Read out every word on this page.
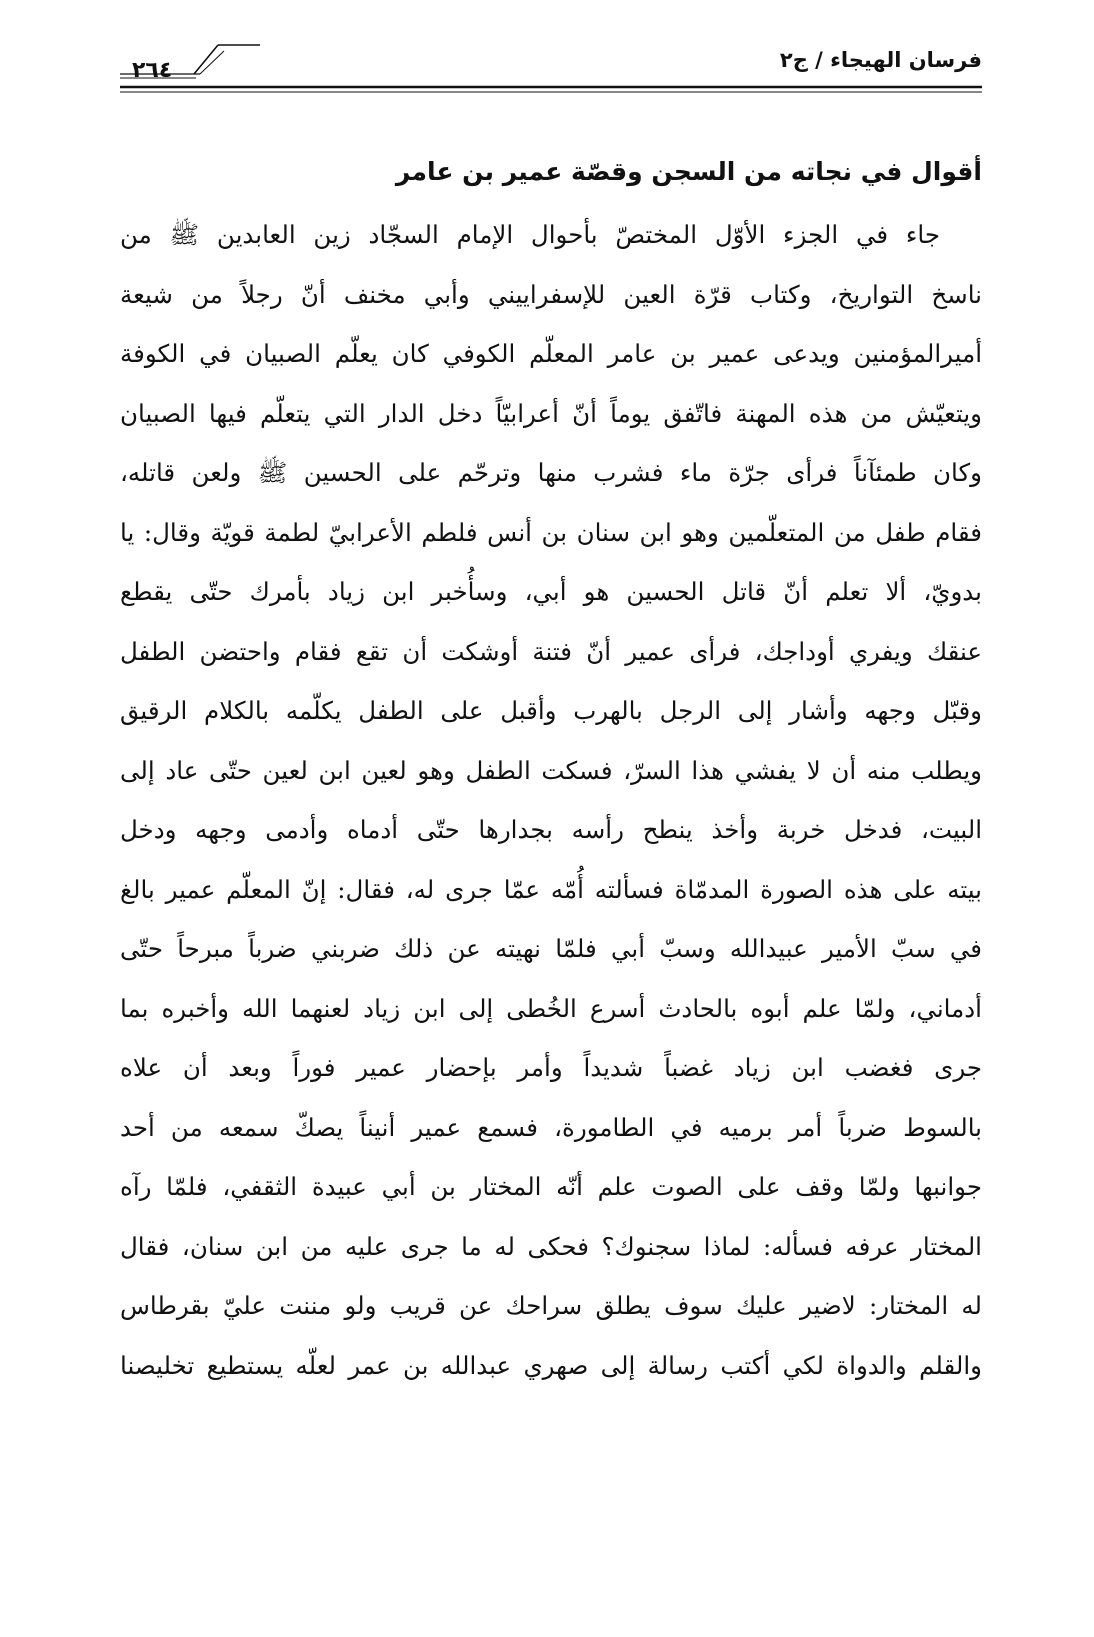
فرسان الهيجاء / ج٢
٢٦٤
أقوال في نجاته من السجن وقصّة عمير بن عامر
جاء في الجزء الأوّل المختصّ بأحوال الإمام السجّاد زين العابدين ﷺ من
ناسخ التواريخ، وكتاب قرّة العين للإسفراييني وأبي مخنف أنّ رجلاً من شيعة
أميرالمؤمنين ويدعى عمير بن عامر المعلّم الكوفي كان يعلّم الصبيان في الكوفة
ويتعيّش من هذه المهنة فاتّفق يوماً أنّ أعرابيّاً دخل الدار التي يتعلّم فيها الصبيان
وكان طمئآناً فرأى جرّة ماء فشرب منها وترحّم على الحسين ﷺ ولعن قاتله،
فقام طفل من المتعلّمين وهو ابن سنان بن أنس فلطم الأعرابيّ لطمة قويّة وقال: يا
بدويّ، ألا تعلم أنّ قاتل الحسين هو أبي، وسأُخبر ابن زياد بأمرك حتّى يقطع
عنقك ويفري أوداجك، فرأى عمير أنّ فتنة أوشكت أن تقع فقام واحتضن الطفل
وقبّل وجهه وأشار إلى الرجل بالهرب وأقبل على الطفل يكلّمه بالكلام الرقيق
ويطلب منه أن لا يفشي هذا السرّ، فسكت الطفل وهو لعين ابن لعين حتّى عاد إلى
البيت، فدخل خربة وأخذ ينطح رأسه بجدارها حتّى أدماه وأدمى وجهه ودخل
بيته على هذه الصورة المدمّاة فسألته أُمّه عمّا جرى له، فقال: إنّ المعلّم عمير بالغ
في سبّ الأمير عبيدالله وسبّ أبي فلمّا نهيته عن ذلك ضربني ضرباً مبرحاً حتّى
أدماني، ولمّا علم أبوه بالحادث أسرع الخُطى إلى ابن زياد لعنهما الله وأخبره بما
جرى فغضب ابن زياد غضباً شديداً وأمر بإحضار عمير فوراً وبعد أن علاه
بالسوط ضرباً أمر برميه في الطامورة، فسمع عمير أنيناً يصكّ سمعه من أحد
جوانبها ولمّا وقف على الصوت علم أنّه المختار بن أبي عبيدة الثقفي، فلمّا رآه
المختار عرفه فسأله: لماذا سجنوك؟ فحكى له ما جرى عليه من ابن سنان، فقال
له المختار: لاضير عليك سوف يطلق سراحك عن قريب ولو مننت عليّ بقرطاس
والقلم والدواة لكي أكتب رسالة إلى صهري عبدالله بن عمر لعلّه يستطيع تخليصنا
